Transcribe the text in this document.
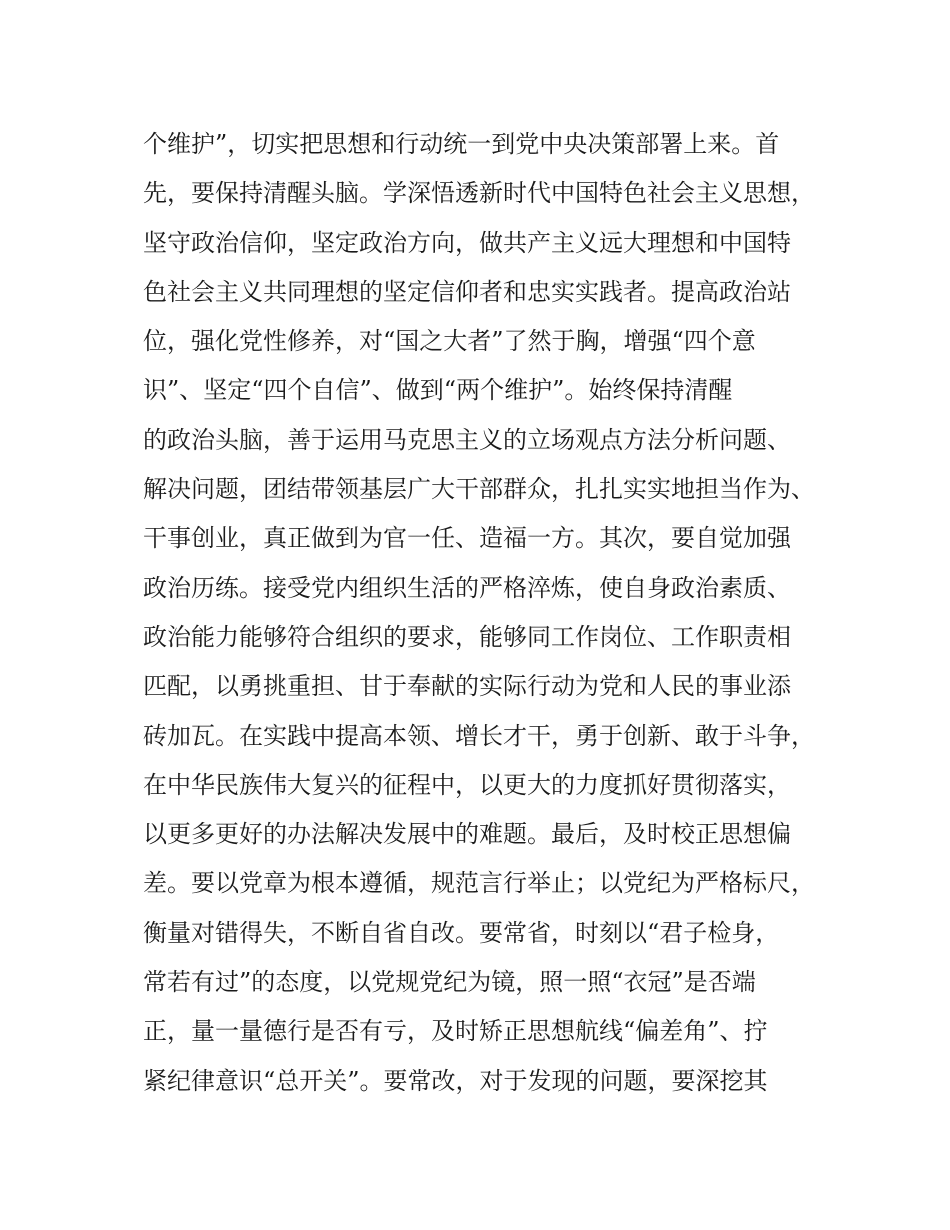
个维护”，切实把思想和行动统一到党中央决策部署上来。首
先，要保持清醒头脑。学深悟透新时代中国特色社会主义思想，
坚守政治信仰，坚定政治方向，做共产主义远大理想和中国特
色社会主义共同理想的坚定信仰者和忠实实践者。提高政治站
位，强化党性修养，对“国之大者”了然于胸，增强“四个意
识”、坚定“四个自信”、做到“两个维护”。始终保持清醒
的政治头脑，善于运用马克思主义的立场观点方法分析问题、
解决问题，团结带领基层广大干部群众，扎扎实实地担当作为、
干事创业，真正做到为官一任、造福一方。其次，要自觉加强
政治历练。接受党内组织生活的严格淬炼，使自身政治素质、
政治能力能够符合组织的要求，能够同工作岗位、工作职责相
匹配，以勇挑重担、甘于奉献的实际行动为党和人民的事业添
砖加瓦。在实践中提高本领、增长才干，勇于创新、敢于斗争，
在中华民族伟大复兴的征程中，以更大的力度抓好贯彻落实，
以更多更好的办法解决发展中的难题。最后，及时校正思想偏
差。要以党章为根本遵循，规范言行举止；以党纪为严格标尺，
衡量对错得失，不断自省自改。要常省，时刻以“君子检身，
常若有过”的态度，以党规党纪为镜，照一照“衣冠”是否端
正，量一量德行是否有亏，及时矫正思想航线“偏差角”、拧
紧纪律意识“总开关”。要常改，对于发现的问题，要深挖其
